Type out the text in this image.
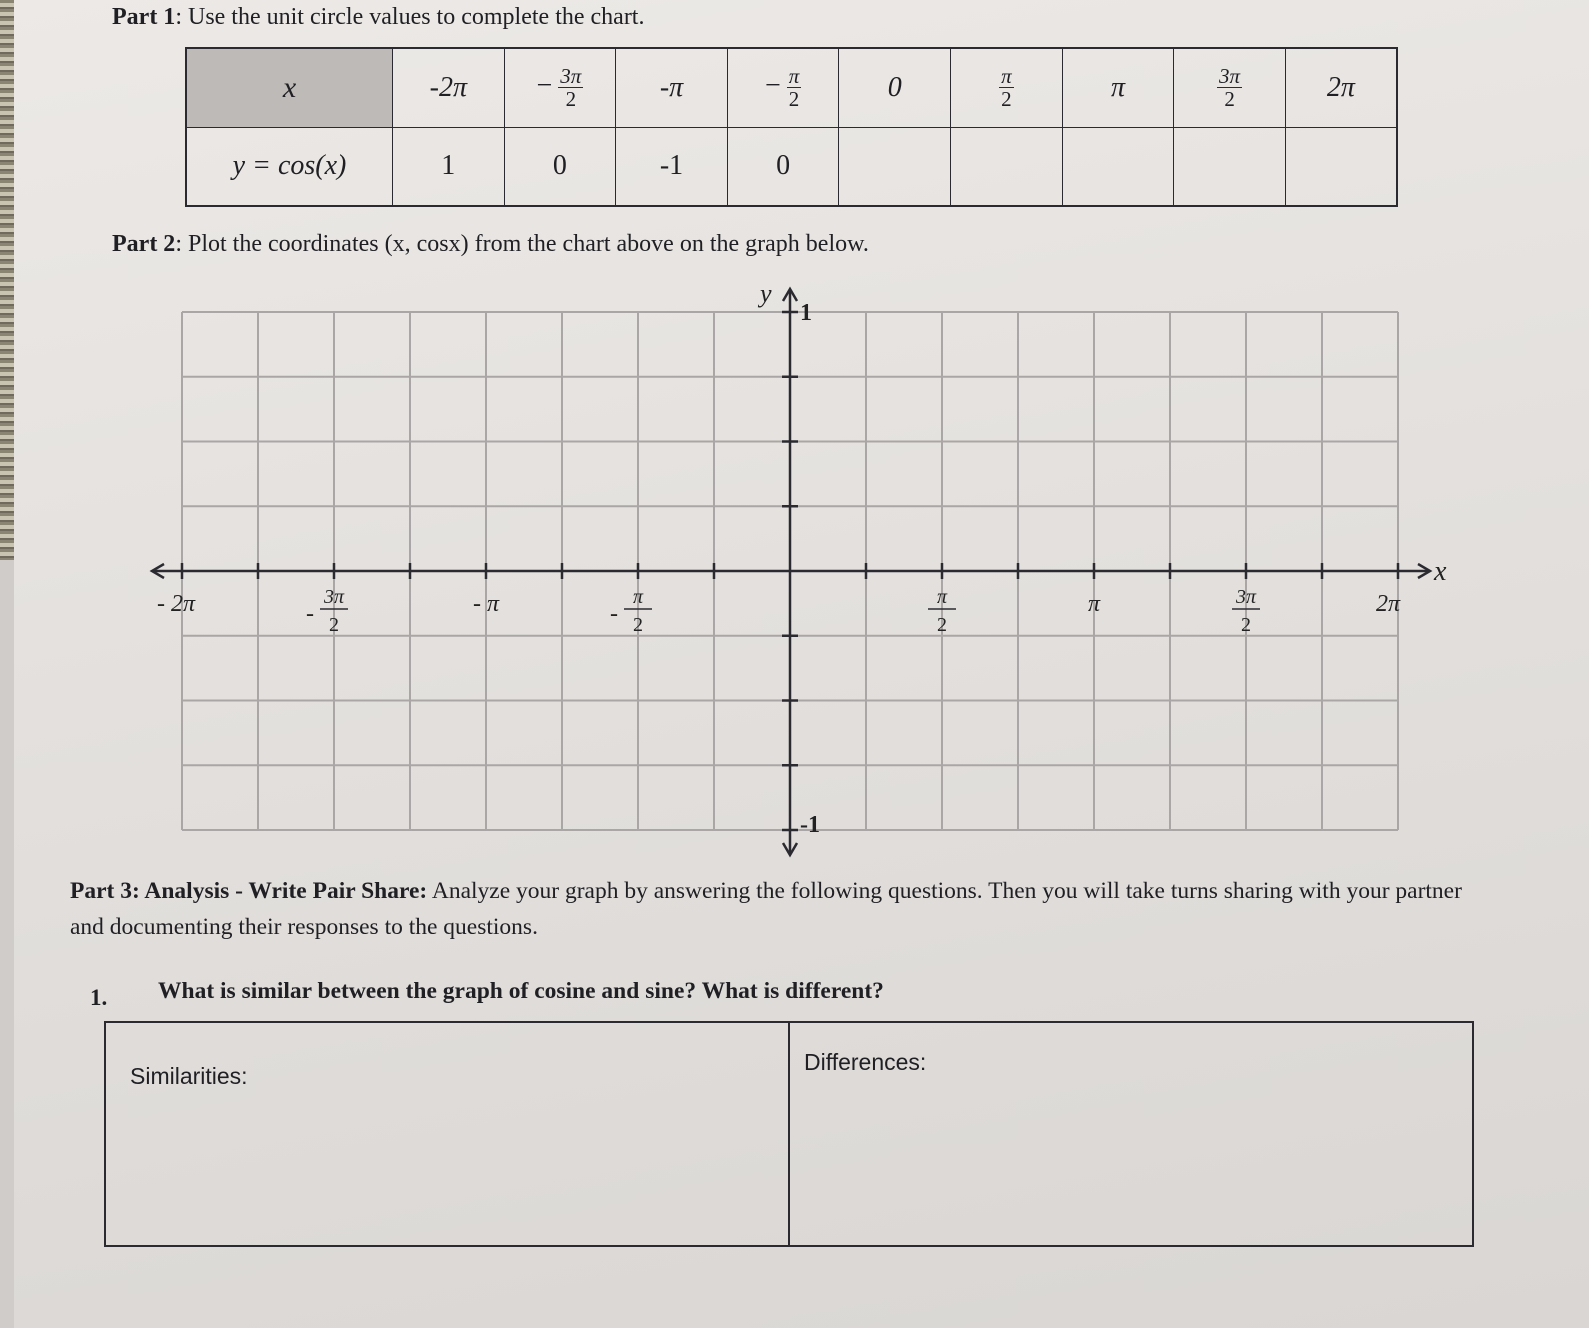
Part 1: Use the unit circle values to complete the chart.
x	-2π	− $\frac{3\pi}{2}$	-π	− $\frac{\pi}{2}$	0	$\frac{\pi}{2}$	π	$\frac{3\pi}{2}$	2π
y = cos(x)	1	0	-1	0					
Part 2: Plot the coordinates (x, cosx) from the chart above on the graph below.
y
x
1
-1
- 2π	-
3π
2
- π	-
π
2
π
2
π	3π
2
2π
Part 3: Analysis - Write Pair Share: Analyze your graph by answering the following questions. Then you will take turns sharing with your partner and documenting their responses to the questions.
1. What is similar between the graph of cosine and sine? What is different?
Similarities:
Differences:
